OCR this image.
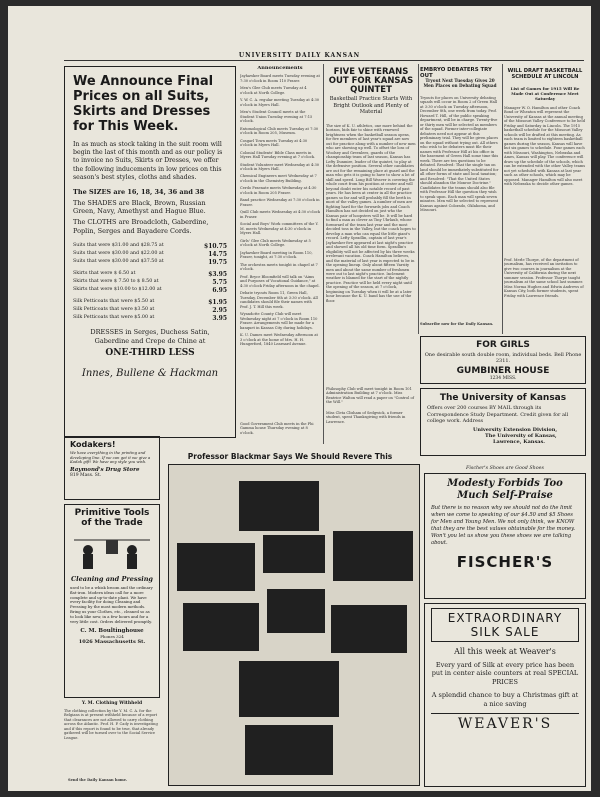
UNIVERSITY DAILY KANSAN
We Announce Final Prices on all Suits, Skirts and Dresses for This Week.
In as much as stock taking in the suit room will begin the last of this month and as our policy is to invoice no Suits, Skirts or Dresses, we offer the following inducements in low prices on this season's best styles, cloths and shades.
The SIZES are 16, 18, 34, 36 and 38
The SHADES are Black, Brown, Russian Green, Navy, Amethyst and Hague Blue.
The CLOTHS are Broadcloth, Gaberdine, Poplin, Serges and Bayadere Cords.
Suits that were $31.00 and $28.75 at	$10.75
Suits that were $30.00 and $22.00 at	14.75
Suits that were $30.00 and $37.50 at	19.75
Skirts that were $ 6.50 at	$3.95
Skirts that were $ 7.50 to $ 8.50 at	5.75
Skirts that were $10.00 to $12.00 at	6.95
Silk Petticoats that were $5.50 at	$1.95
Silk Petticoats that were $3.50 at	2.95
Silk Petticoats that were $5.00 at	3.95
DRESSES in Serges, Duchess Satin, Gaberdine and Crepe de Chine at
ONE-THIRD LESS
Innes, Bullene & Hackman
Announcements
Jayhawker Board meets Tuesday evening at 7:30 o'clock in Room 110 Fraser.
Men's Glee Club meets Tuesday at 4 o'clock at North College.
Y. W. C. A. regular meeting Tuesday at 4:30 o'clock in Myers Hall.
Men's Student Council meets at the Student Union Tuesday evening at 7:15 o'clock.
Entomological Club meets Tuesday at 7:30 o'clock in Room 205, Museum.
Cosgarl Town meets Tuesday at 4:30 o'clock in Myers Hall.
Colonial Students' Bible Class meets in Myers Hall Tuesday evening at 7 o'clock.
Student Volunteer meet Wednesday at 4:30 o'clock in Myers Hall.
Chemical Engineers meet Wednesday at 7 o'clock in the Chemistry Building.
Cerdo Fraenate meets Wednesday at 4:30 o'clock in Room 205 Fraser.
Band practice Wednesday at 7:30 o'clock in Fraser.
Quill Club meets Wednesday at 4:30 o'clock in Fraser.
Social and Boys' Work committees of the Y. M. meets Wednesday at 4:30 o'clock in Myers Hall.
Girls' Glee Club meets Wednesday at 5 o'clock at North College.
Jayhawker Board meeting in Room 110, Fraser, tonight, at 7:30 o'clock.
The orchestra meets tonight in chapel at 7 o'clock.
Prof. Bryce Bloomfield will talk on "Aims and Purposes of Vocational Guidance," at 4:30 o'clock Friday afternoon in the chapel.
Debate tryouts Room 11, Green Hall, Tuesday, December 8th at 3:30 o'clock. All candidates should file their names with Prof. J. T. Hill this week.
Wyandotte County Club will meet Wednesday night at 7 o'clock in Room 110 Fraser. Arrangements will be made for a banquet in Kansas City during holidays.
K. U. Dames meet Wednesday afternoon at 3 o'clock at the home of Mrs. H. H. Hungerford, 1840 Learnard Avenue.
Good Government Club meets in the Phi Gamma house Thursday evening at 8 o'clock.
FIVE VETERANS OUT FOR KANSAS QUINTET
Basketball Practice Starts With Bright Outlook and Plenty of Material
The size of K. U. athletics, one more behind the horizon, bids fair to shine with renewed brightness when the basketball season opens, for five members of last year's squad are now out for practice along with a number of new men who are showing up well. To offset the loss of Woolsey and Greenlees, guards of the championship team of last season, Kansas has Lefty Dunmire, leader of the quintet, to play at the defensive position. Several other candidates are out for the remaining place at guard and the man who gets it is going to have to show a lot of skill and speed. Long Bill Weaver is covering the whole court from his position at center and will beyond doubt enter his notable record of past years. He has been at center in all the practice games so far and will probably fill the berth in most of the valley games. A number of men are fighting hard for the forwards jobs and Coach Hamilton has not decided on just who the Kansas pair of hoopsters will be. It will be hard to find a man as clever as Tiny Uhrlaub, whose formward of the team last year and the most decided toss in the Valley, but the coach hopes to develop a man who can equal the little giant's record. Lefty Spradlin, captain of last year's Jayhawker five appeared at last night's practice and showed all his old time form. Spradlin's eligibility will not be affected by his three weeks irrelevant vacation. Coach Hamilton believes, and the material of last year is expected to be in the opening lineup. Only about fifteen Varsity men and about the same number of freshmen were out to last night's practice. Inclement weather is blamed for the start of the nightly practice. Practice will be held every night until the opening of the season, at 7 o'clock, beginning on Tuesday when it will be at a later hour because the K. U. band has the use of the floor.
Philosophy Club will meet tonight in Room 101 Administration Building at 7 o'clock. Miss Beatrice Walton will read a paper on "Control of the Will."
Miss Cleta Clisham of Sedgwick, a former student, spent Thanksgiving with friends in Lawrence.
EMBRYO DEBATERS TRY OUT
Tryout Next Tuesday Gives 20 Men Places on Debating Squad
Tryouts for places on University debating squads will occur in Room 2 of Green Hall at 3:30 o'clock on Tuesday afternoon, December 8th, one week from today. Prof. Howard T. Hill, of the public speaking department, will be in charge. Twenty-five or thirty men will be selected as members of the squad. Former inter-collegiate debaters need not appear at this preliminary trial. They will be given places on the squad without trying out. All others who wish to be debaters must file their names with Professor Hill at his office in the basement of Green Hall some time this week. There are ten questions to be debated. Resolved: That the single tax on land should be immediately substituted for all other forms of state and local taxation; and Resolved: "That the United States should abandon the Monroe Doctrine." Candidates for the teams should also file with Professor Hill the question they wish to speak upon. Each man will speak seven minutes. Men will be selected to represent Kansas against Colorado, Oklahoma, and Missouri.
Subscribe now for the Daily Kansan.
WILL DRAFT BASKETBALL SCHEDULE AT LINCOLN
List of Games for 1915 Will Be Made Out at Conference Meet Saturday
Manager W. O. Hamilton and other Coach Bond or Wheaton will represent the University of Kansas at the annual meeting of the Missouri Valley Conference to be held Friday and Saturday in Lincoln. The 1915 basketball schedule for the Missouri Valley schools will be drafted at this meeting. As each team is limited to eighteen basketball games during the season, Kansas will have but six games to schedule. Four games each with Missouri, Washington, Nebraska and Ames, Kansas will play. The conference will draw up the schedule of the schools, which can be extended with the other Valley teams not yet scheduled with Kansas at last year such as other schools, which may be opposed. Manager Hamilton will also meet with Nebraska to decide other games.
Prof. Merle Thorpe, of the department of journalism, has received an invitation to give two courses in journalism at the University of California during the next summer session. Professor Thorpe taught journalism at the same school last summer. Miss Norma Hughes and Edwin Andrews of Kansas City, both former students, spent Friday with Lawrence friends.
FOR GIRLS
One desirable south double room, individual beds. Bell Phone 2311.
GUMBINER HOUSE
1234 MISS.
The University of Kansas
Offers over 200 courses BY MAIL through its Correspondence Study Department. Credit given for all college work. Address
University Extension Division,
The University of Kansas,
Lawrence, Kansas.
Kodakers!
We have everything in the printing and developing line. If we can get it we give a Kodak gift! We have any style you wish.
Raymond's Drug Store
819 Mass. St.
Primitive Tools of the Trade
Cleaning and Pressing
used to be a whisk broom and the ordinary flat-iron. Modern ideas call for a more complete and up-to-date plant. We have every facility for doing Cleaning and Pressing by the most modern methods. Bring us your Clothes, etc., cleaned so as to look like new, in a few hours and for a very little cost. Orders delivered promptly.
C. M. Boultinghouse
Phones 324
1026 Massachusetts St.
Y. M. Clothing Withheld
The clothing collection by the Y. M. C. A. for the Belgians is at present withheld because of a report that clearances are not allowed to carry clothing across the Atlantic. Prof. H. P. Cady is investigating and if this report is found to be true, that already gathered will be turned over to the Social Service League.
Send the Daily Kansan home.
Professor Blackmar Says We Should Revere This
Fischer's Shoes are Good Shoes
Modesty Forbids Too Much Self-Praise
But there is no reason why we should not do the limit when we come to speaking of our $4.50 and $5 Shoes for Men and Young Men. We not only think, we KNOW that they are the best values obtainable for the money. Won't you let us show you these shoes we are talking about.
FISCHER'S
EXTRAORDINARY
SILK SALE
All this week at Weaver's
Every yard of Silk at every price has been put in center aisle counters at real SPECIAL PRICES
A splendid chance to buy a Christmas gift at a nice saving
WEAVER'S
